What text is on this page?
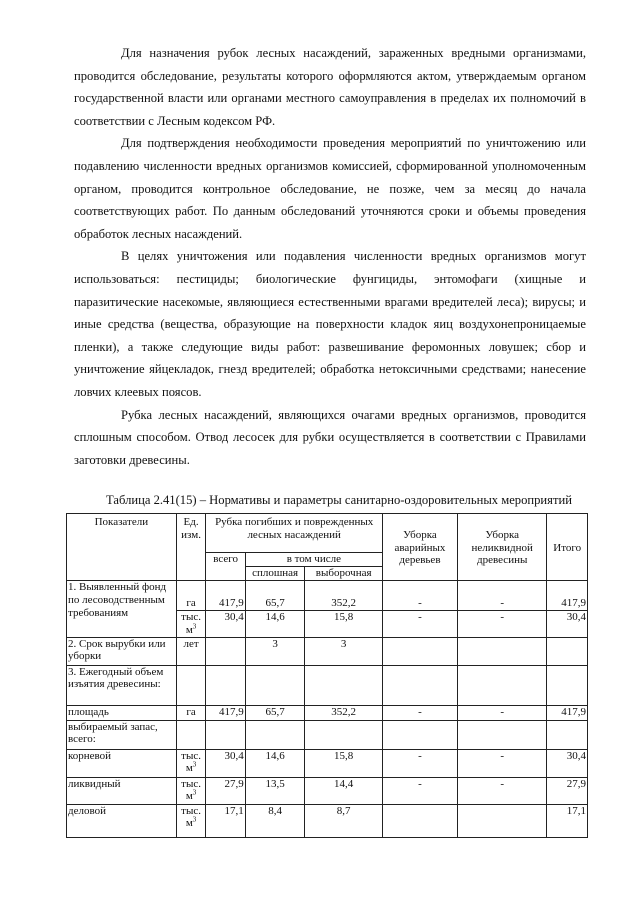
Для назначения рубок лесных насаждений, зараженных вредными организмами, проводится обследование, результаты которого оформляются актом, утверждаемым органом государственной власти или органами местного самоуправления в пределах их полномочий в соответствии с Лесным кодексом РФ.

Для подтверждения необходимости проведения мероприятий по уничтожению или подавлению численности вредных организмов комиссией, сформированной уполномоченным органом, проводится контрольное обследование, не позже, чем за месяц до начала соответствующих работ. По данным обследований уточняются сроки и объемы проведения обработок лесных насаждений.

В целях уничтожения или подавления численности вредных организмов могут использоваться: пестициды; биологические фунгициды, энтомофаги (хищные и паразитические насекомые, являющиеся естественными врагами вредителей леса); вирусы; и иные средства (вещества, образующие на поверхности кладок яиц воздухонепроницаемые пленки), а также следующие виды работ: развешивание феромонных ловушек; сбор и уничтожение яйцекладок, гнезд вредителей; обработка нетоксичными средствами; нанесение ловчих клеевых поясов.

Рубка лесных насаждений, являющихся очагами вредных организмов, проводится сплошным способом. Отвод лесосек для рубки осуществляется в соответствии с Правилами заготовки древесины.

Таблица 2.41(15) – Нормативы и параметры санитарно-оздоровительных мероприятий

Показатели	Ед. изм.	Рубка погибших и поврежденных лесных насаждений			Уборка аварийных деревьев	Уборка неликвидной древесины	Итого
		всего	в том числе				
			сплошная	выборочная			
1. Выявленный фонд по лесоводственным требованиям	га	417,9	65,7	352,2	-	-	417,9
	тыс. $м^3$	30,4	14,6	15,8	-	-	30,4
2. Срок вырубки или уборки	лет		3	3			
3. Ежегодный объем изъятия древесины:							
площадь	га	417,9	65,7	352,2	-	-	417,9
выбираемый запас, всего:							
корневой	тыс. $м^3$	30,4	14,6	15,8	-	-	30,4
ликвидный	тыс. $м^3$	27,9	13,5	14,4	-	-	27,9
деловой	тыс. $м^3$	17,1	8,4	8,7			17,1
